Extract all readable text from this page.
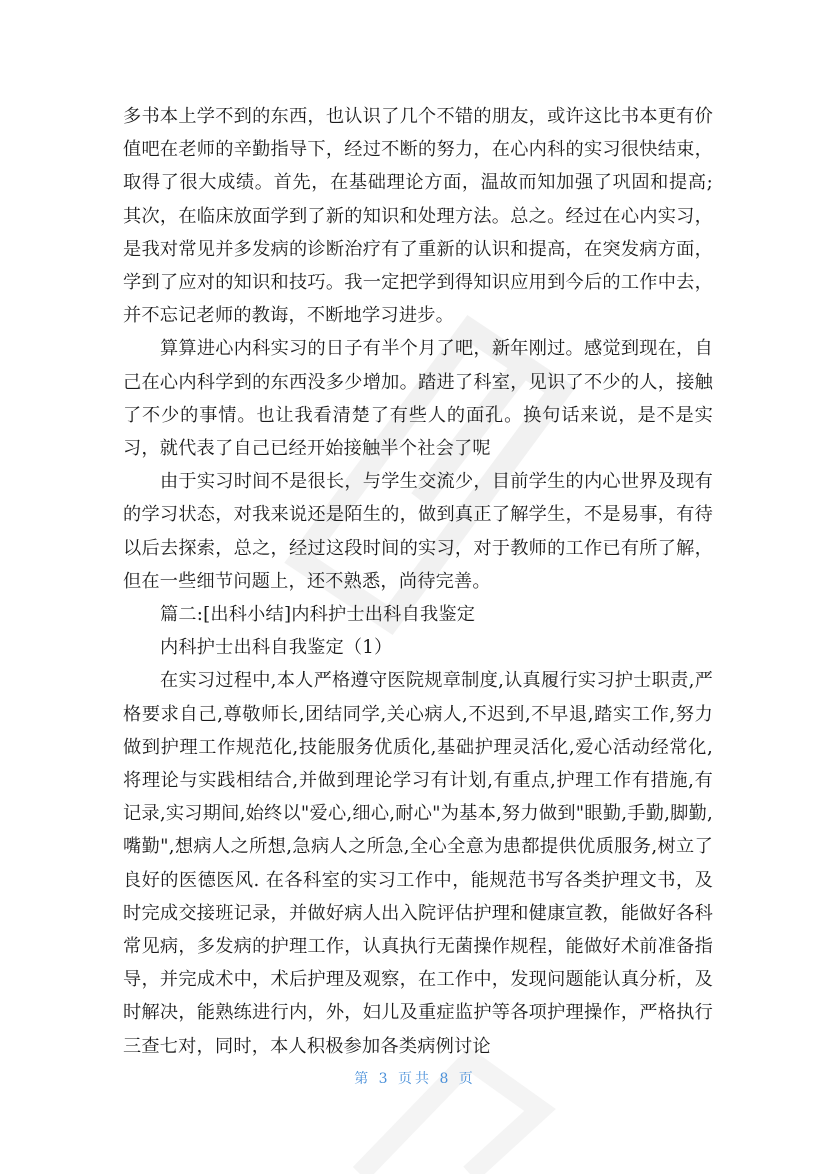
多书本上学不到的东西，也认识了几个不错的朋友，或许这比书本更有价值吧在老师的辛勤指导下，经过不断的努力，在心内科的实习很快结束，取得了很大成绩。首先，在基础理论方面，温故而知加强了巩固和提高;其次，在临床放面学到了新的知识和处理方法。总之。经过在心内实习，是我对常见并多发病的诊断治疗有了重新的认识和提高，在突发病方面，学到了应对的知识和技巧。我一定把学到得知识应用到今后的工作中去，并不忘记老师的教诲，不断地学习进步。

算算进心内科实习的日子有半个月了吧，新年刚过。感觉到现在，自己在心内科学到的东西没多少增加。踏进了科室，见识了不少的人，接触了不少的事情。也让我看清楚了有些人的面孔。换句话来说，是不是实习，就代表了自己已经开始接触半个社会了呢

由于实习时间不是很长，与学生交流少，目前学生的内心世界及现有的学习状态，对我来说还是陌生的，做到真正了解学生，不是易事，有待以后去探索，总之，经过这段时间的实习，对于教师的工作已有所了解，但在一些细节问题上，还不熟悉，尚待完善。

篇二:[出科小结]内科护士出科自我鉴定

内科护士出科自我鉴定（1）

在实习过程中,本人严格遵守医院规章制度,认真履行实习护士职责,严格要求自己,尊敬师长,团结同学,关心病人,不迟到,不早退,踏实工作,努力做到护理工作规范化,技能服务优质化,基础护理灵活化,爱心活动经常化,将理论与实践相结合,并做到理论学习有计划,有重点,护理工作有措施,有记录,实习期间,始终以"爱心,细心,耐心"为基本,努力做到"眼勤,手勤,脚勤,嘴勤",想病人之所想,急病人之所急,全心全意为患都提供优质服务,树立了良好的医德医风. 在各科室的实习工作中，能规范书写各类护理文书，及时完成交接班记录，并做好病人出入院评估护理和健康宣教，能做好各科常见病，多发病的护理工作，认真执行无菌操作规程，能做好术前准备指导，并完成术中，术后护理及观察，在工作中，发现问题能认真分析，及时解决，能熟练进行内，外，妇儿及重症监护等各项护理操作，严格执行三查七对，同时，本人积极参加各类病例讨论

第 3 页共 8 页
